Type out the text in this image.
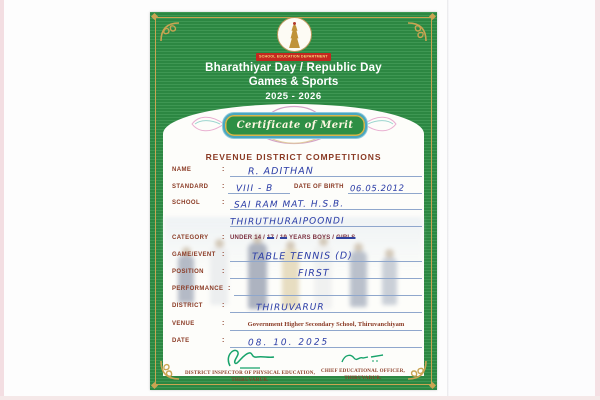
SCHOOL EDUCATION DEPARTMENT
Bharathiyar Day / Republic Day
Games & Sports
2025 - 2026
Certificate of Merit
REVENUE DISTRICT COMPETITIONS
NAME	: R. ADITHAN
STANDARD : VIII - B	DATE OF BIRTH 06.05.2012
SCHOOL	: SAI RAM MAT. H.S.B.
THIRUTHURAIPOONDI
CATEGORY : UNDER 14 / 17 / 19 YEARS BOYS / GIRLS
GAME/EVENT :	TABLE TENNIS (D)
POSITION	:	FIRST
PERFORMANCE :
DISTRICT	:	THIRUVARUR
VENUE	:	Government Higher Secondary School, Thiruvanchiyam
DATE	:	08. 10. 2025
DISTRICT INSPECTOR OF PHYSICAL EDUCATION,
THIRUVARUR.
CHIEF EDUCATIONAL OFFICER,
THIRUVARUR.
